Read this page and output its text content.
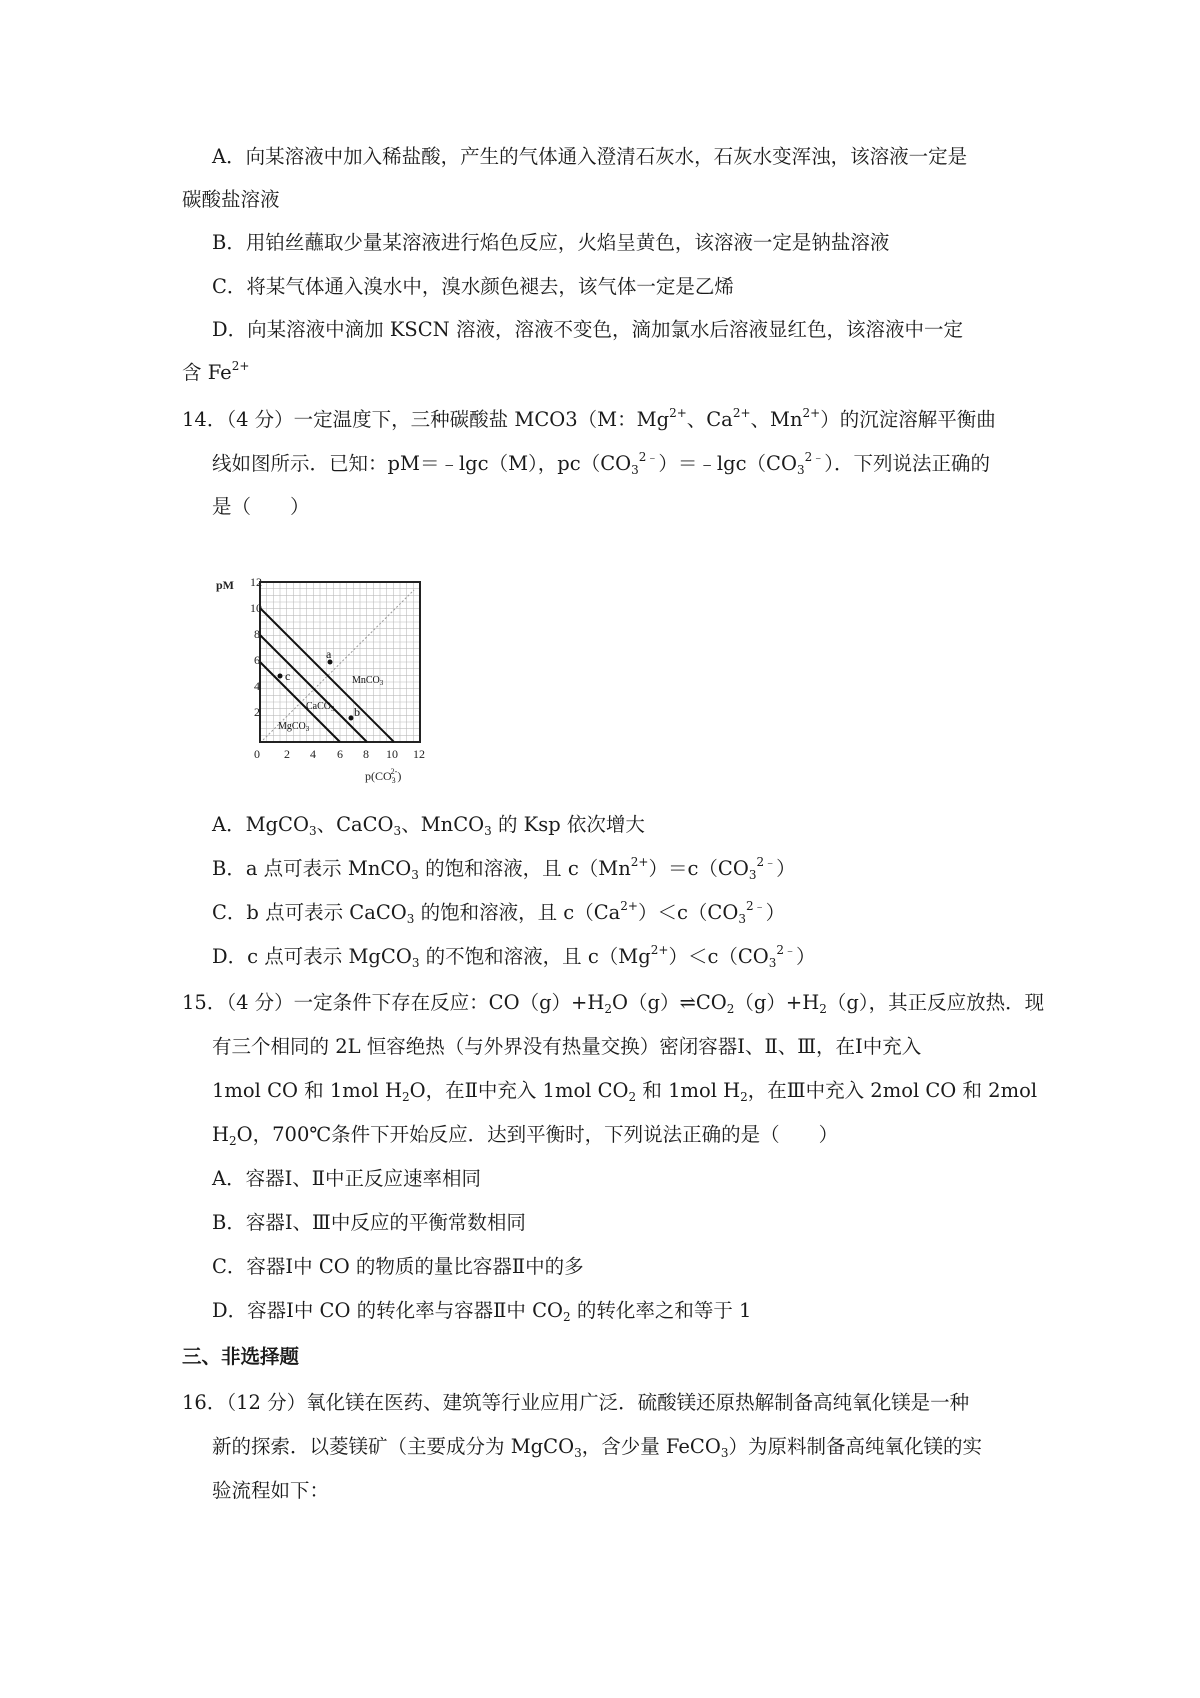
A．向某溶液中加入稀盐酸，产生的气体通入澄清石灰水，石灰水变浑浊，该溶液一定是
碳酸盐溶液
B．用铂丝蘸取少量某溶液进行焰色反应，火焰呈黄色，该溶液一定是钠盐溶液
C．将某气体通入溴水中，溴水颜色褪去，该气体一定是乙烯
D．向某溶液中滴加 KSCN 溶液，溶液不变色，滴加氯水后溶液显红色，该溶液中一定
含 $Fe^{2+}$
14．（4 分）一定温度下，三种碳酸盐 MCO3（M：$Mg^{2+}$、$Ca^{2+}$、$Mn^{2+}$）的沉淀溶解平衡曲
线如图所示．已知：pM＝﹣lgc（M），$pc(CO_3^{2﹣})=﹣\lg c(CO_3^{2﹣})$．下列说法正确的
是（　　）
pM 12
10
8
6
4
2
0 2 4 6 8 10 12
$p(CO_32-)$
a
b
c	MnCO$_3$
CaCO$_3$
MgCO$_3$
A．MgCO$_3$、CaCO$_3$、MnCO$_3$ 的 Ksp 依次增大
B．a 点可表示 MnCO$_3$ 的饱和溶液，且 $c(Mn^{2+})=c(CO_3^{2﹣})$
C．b 点可表示 CaCO$_3$ 的饱和溶液，且 $c(Ca^{2+})<c(CO_3^{2﹣})$
D．c 点可表示 MgCO$_3$ 的不饱和溶液，且 $c(Mg^{2+})<c(CO_3^{2﹣})$
15．（4 分）一定条件下存在反应：$CO(g)+H_2O(g)\rightleftharpoons CO_2(g)+H_2(g)$，其正反应放热．现
有三个相同的 2L 恒容绝热（与外界没有热量交换）密闭容器Ⅰ、Ⅱ、Ⅲ，在Ⅰ中充入
1mol CO 和 1mol $H_2O$，在Ⅱ中充入 1mol $CO_2$ 和 1mol $H_2$，在Ⅲ中充入 2mol CO 和 2mol
$H_2O$，700℃条件下开始反应．达到平衡时，下列说法正确的是（　　）
A．容器Ⅰ、Ⅱ中正反应速率相同
B．容器Ⅰ、Ⅲ中反应的平衡常数相同
C．容器Ⅰ中 CO 的物质的量比容器Ⅱ中的多
D．容器Ⅰ中 CO 的转化率与容器Ⅱ中 $CO_2$ 的转化率之和等于 1
三、非选择题
16．（12 分）氧化镁在医药、建筑等行业应用广泛．硫酸镁还原热解制备高纯氧化镁是一种
新的探索．以菱镁矿（主要成分为 MgCO$_3$，含少量 FeCO$_3$）为原料制备高纯氧化镁的实
验流程如下：
